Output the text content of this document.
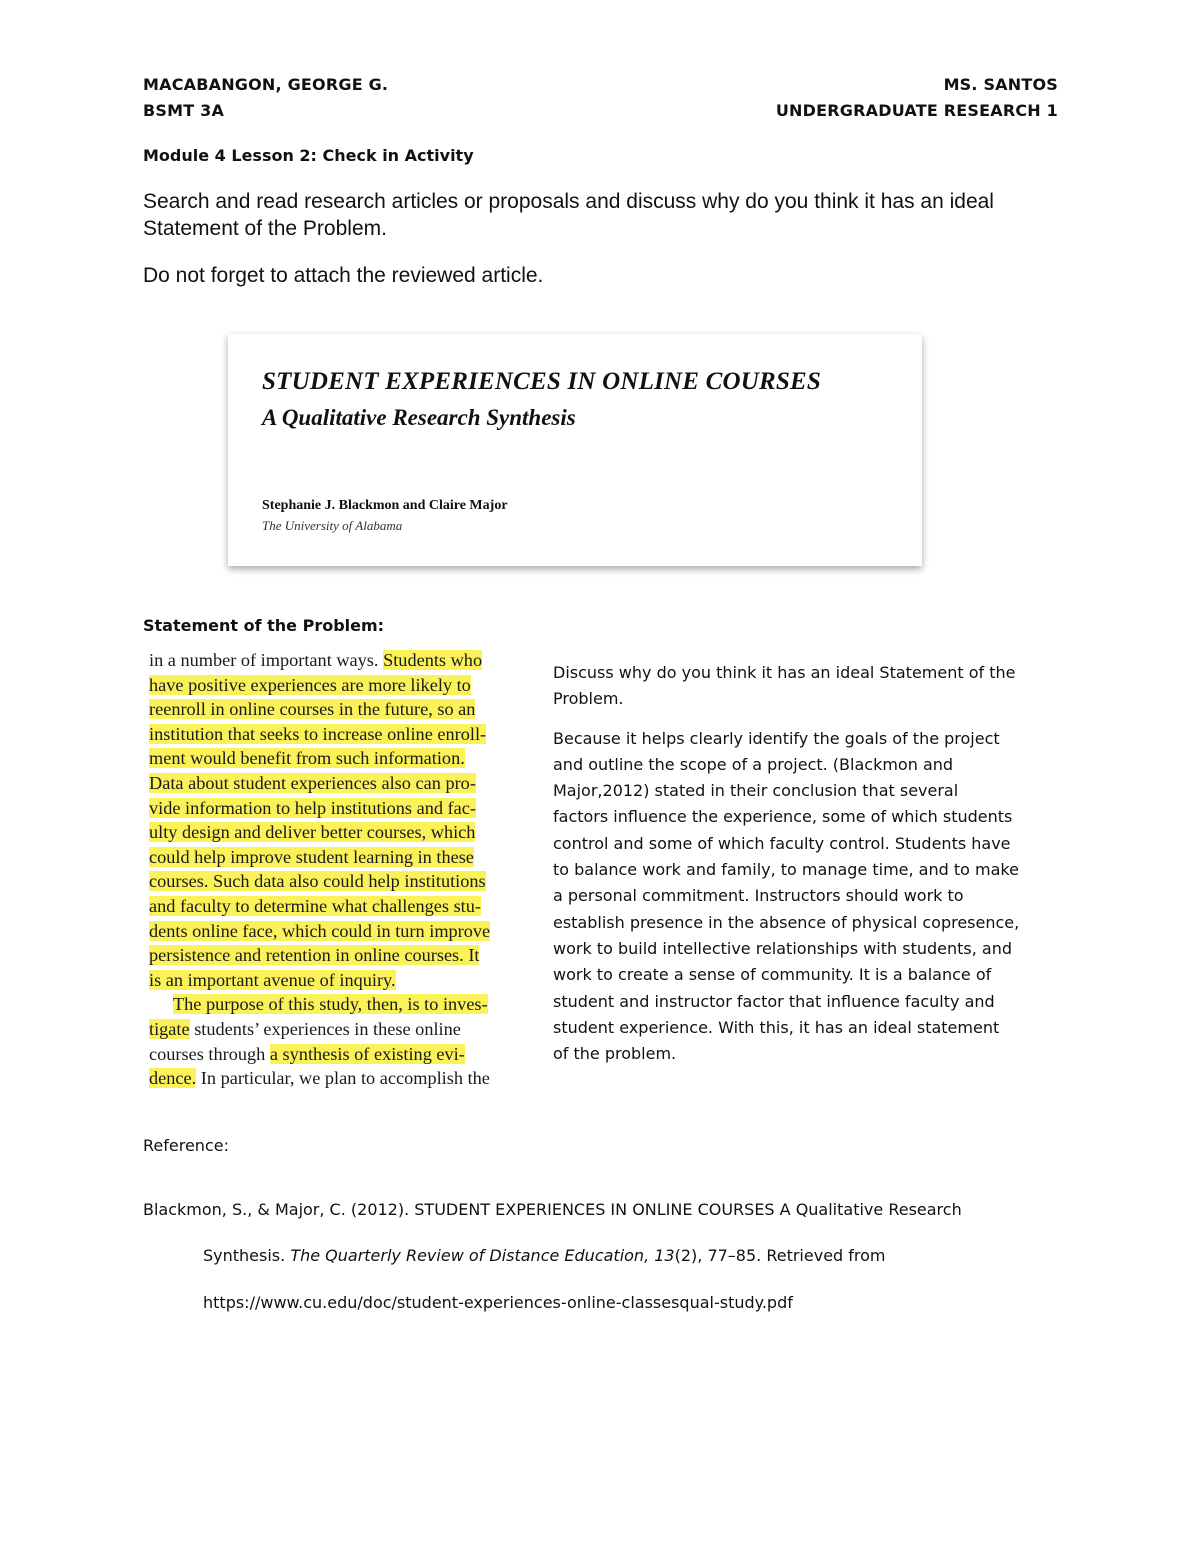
MACABANGON, GEORGE G.
BSMT 3A
MS. SANTOS
UNDERGRADUATE RESEARCH 1
Module 4 Lesson 2: Check in Activity
Search and read research articles or proposals and discuss why do you think it has an ideal Statement of the Problem.
Do not forget to attach the reviewed article.
STUDENT EXPERIENCES IN ONLINE COURSES
A Qualitative Research Synthesis
Stephanie J. Blackmon and Claire Major
The University of Alabama
Statement of the Problem:
in a number of important ways. Students who
have positive experiences are more likely to
reenroll in online courses in the future, so an
institution that seeks to increase online enroll-
ment would benefit from such information.
Data about student experiences also can pro-
vide information to help institutions and fac-
ulty design and deliver better courses, which
could help improve student learning in these
courses. Such data also could help institutions
and faculty to determine what challenges stu-
dents online face, which could in turn improve
persistence and retention in online courses. It
is an important avenue of inquiry.
The purpose of this study, then, is to inves-
tigate students’ experiences in these online
courses through a synthesis of existing evi-
dence. In particular, we plan to accomplish the
Discuss why do you think it has an ideal Statement of the
Problem.
Because it helps clearly identify the goals of the project
and outline the scope of a project. (Blackmon and
Major,2012) stated in their conclusion that several
factors influence the experience, some of which students
control and some of which faculty control. Students have
to balance work and family, to manage time, and to make
a personal commitment. Instructors should work to
establish presence in the absence of physical copresence,
work to build intellective relationships with students, and
work to create a sense of community. It is a balance of
student and instructor factor that influence faculty and
student experience. With this, it has an ideal statement
of the problem.
Reference:
Blackmon, S., & Major, C. (2012). STUDENT EXPERIENCES IN ONLINE COURSES A Qualitative Research
Synthesis. The Quarterly Review of Distance Education, 13(2), 77–85. Retrieved from
https://www.cu.edu/doc/student-experiences-online-classesqual-study.pdf
